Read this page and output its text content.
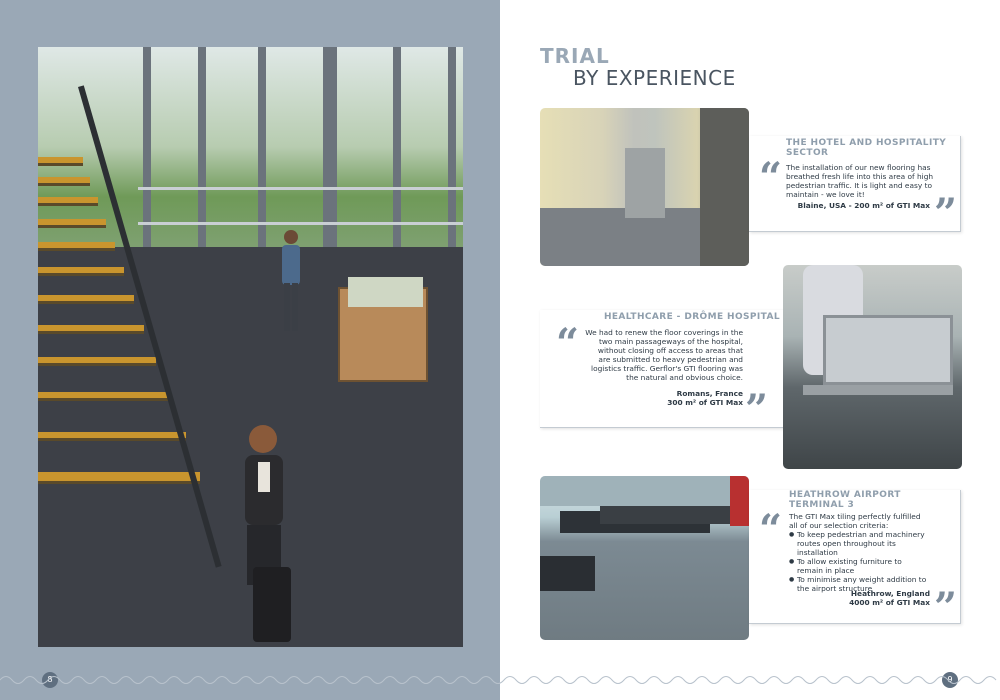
8
TRIAL
BY EXPERIENCE
THE HOTEL AND HOSPITALITY SECTOR
“ The installation of our new flooring has breathed fresh life into this area of high pedestrian traffic. It is light and easy to maintain - we love it!
Blaine, USA - 200 m² of GTI Max ”
HEALTHCARE - DRÔME HOSPITAL
“ We had to renew the floor coverings in the two main passageways of the hospital, without closing off access to areas that are submitted to heavy pedestrian and logistics traffic. Gerflor's GTI flooring was the natural and obvious choice.
Romans, France
300 m² of GTI Max ”
HEATHROW AIRPORT TERMINAL 3
“ The GTI Max tiling perfectly fulfilled all of our selection criteria:
● To keep pedestrian and machinery routes open throughout its installation
● To allow existing furniture to remain in place
● To minimise any weight addition to the airport structure
Heathrow, England
4000 m² of GTI Max ”
9
